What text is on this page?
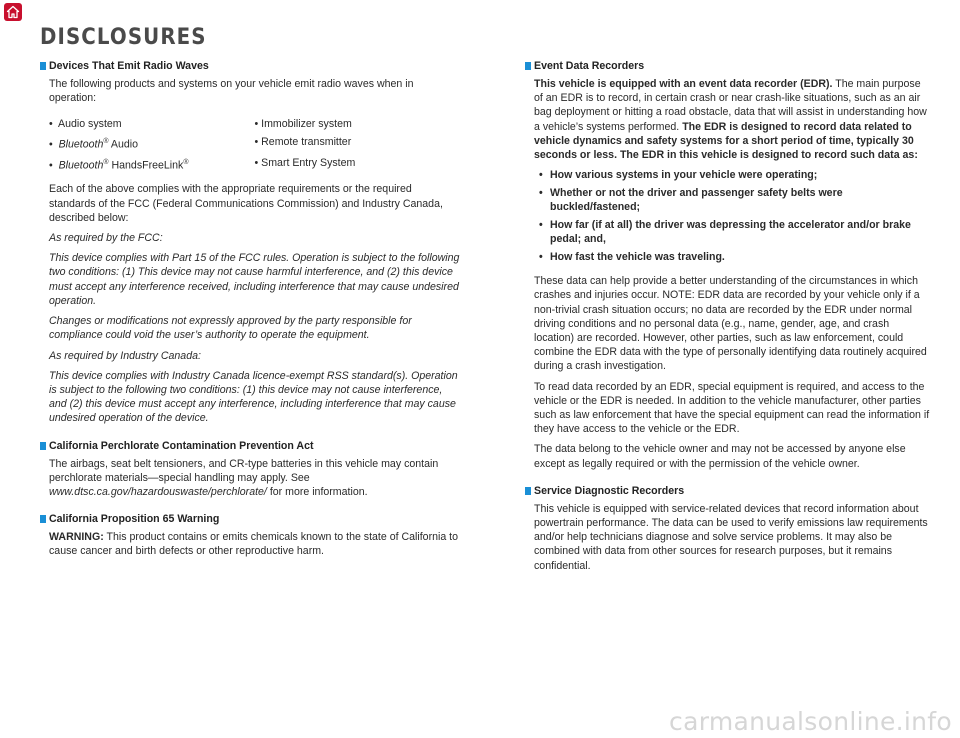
DISCLOSURES
Devices That Emit Radio Waves

The following products and systems on your vehicle emit radio waves when in operation:

•  Audio system	• Immobilizer system
•  Bluetooth® Audio	• Remote transmitter
•  Bluetooth® HandsFreeLink®	• Smart Entry System

Each of the above complies with the appropriate requirements or the required standards of the FCC (Federal Communications Commission) and Industry Canada, described below:

As required by the FCC:

This device complies with Part 15 of the FCC rules. Operation is subject to the following two conditions: (1) This device may not cause harmful interference, and (2) this device must accept any interference received, including interference that may cause undesired operation.

Changes or modifications not expressly approved by the party responsible for compliance could void the user’s authority to operate the equipment.

As required by Industry Canada:

This device complies with Industry Canada licence-exempt RSS standard(s). Operation is subject to the following two conditions: (1) this device may not cause interference, and (2) this device must accept any interference, including interference that may cause undesired operation of the device.

California Perchlorate Contamination Prevention Act

The airbags, seat belt tensioners, and CR-type batteries in this vehicle may contain perchlorate materials—special handling may apply. See www.dtsc.ca.gov/hazardouswaste/perchlorate/ for more information.

California Proposition 65 Warning

WARNING: This product contains or emits chemicals known to the state of California to cause cancer and birth defects or other reproductive harm.

Event Data Recorders

This vehicle is equipped with an event data recorder (EDR). The main purpose of an EDR is to record, in certain crash or near crash-like situations, such as an air bag deployment or hitting a road obstacle, data that will assist in understanding how a vehicle’s systems performed. The EDR is designed to record data related to vehicle dynamics and safety systems for a short period of time, typically 30 seconds or less. The EDR in this vehicle is designed to record such data as:

• How various systems in your vehicle were operating;
• Whether or not the driver and passenger safety belts were buckled/fastened;
• How far (if at all) the driver was depressing the accelerator and/or brake pedal; and,
• How fast the vehicle was traveling.

These data can help provide a better understanding of the circumstances in which crashes and injuries occur. NOTE: EDR data are recorded by your vehicle only if a non-trivial crash situation occurs; no data are recorded by the EDR under normal driving conditions and no personal data (e.g., name, gender, age, and crash location) are recorded. However, other parties, such as law enforcement, could combine the EDR data with the type of personally identifying data routinely acquired during a crash investigation.

To read data recorded by an EDR, special equipment is required, and access to the vehicle or the EDR is needed. In addition to the vehicle manufacturer, other parties such as law enforcement that have the special equipment can read the information if they have access to the vehicle or the EDR.

The data belong to the vehicle owner and may not be accessed by anyone else except as legally required or with the permission of the vehicle owner.

Service Diagnostic Recorders

This vehicle is equipped with service-related devices that record information about powertrain performance. The data can be used to verify emissions law requirements and/or help technicians diagnose and solve service problems. It may also be combined with data from other sources for research purposes, but it remains confidential.

carmanualsonline.info
